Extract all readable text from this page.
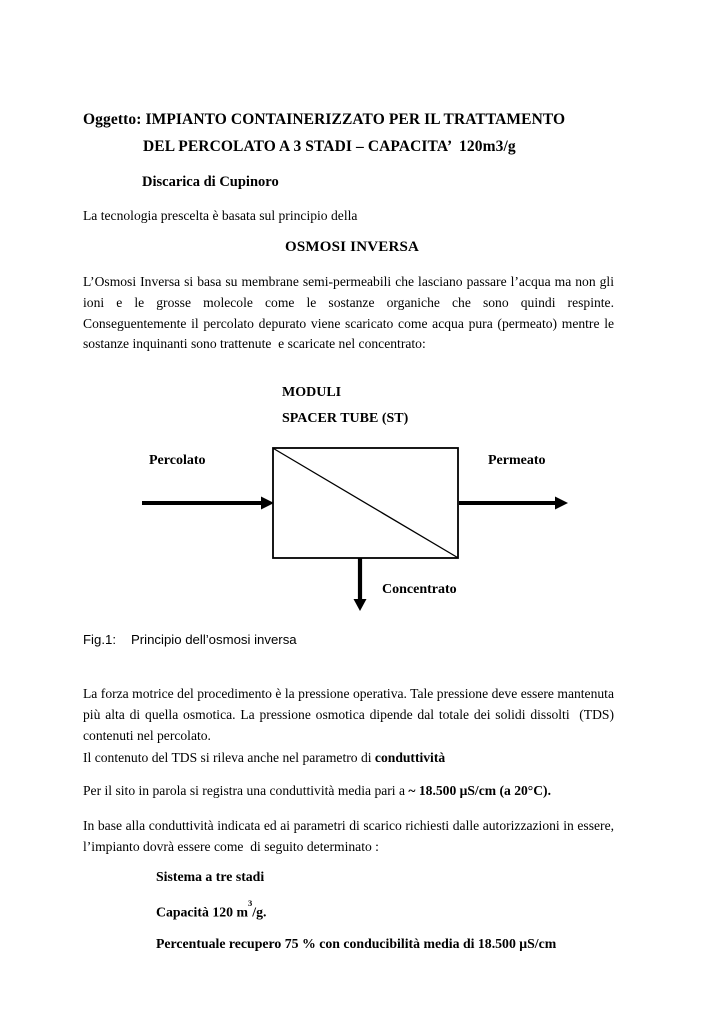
Oggetto: IMPIANTO CONTAINERIZZATO PER IL TRATTAMENTO
DEL PERCOLATO A 3 STADI – CAPACITA’  120m3/g
Discarica di Cupinoro
La tecnologia prescelta è basata sul principio della
OSMOSI INVERSA
L’Osmosi Inversa si basa su membrane semi-permeabili che lasciano passare l’acqua ma non gli ioni e le grosse molecole come le sostanze organiche che sono quindi respinte. Conseguentemente il percolato depurato viene scaricato come acqua pura (permeato) mentre le sostanze inquinanti sono trattenute  e scaricate nel concentrato:
MODULI
SPACER TUBE (ST)
Percolato	Permeato
Concentrato
Fig.1: Principio dell’osmosi inversa
La forza motrice del procedimento è la pressione operativa. Tale pressione deve essere mantenuta più alta di quella osmotica. La pressione osmotica dipende dal totale dei solidi dissolti  (TDS) contenuti nel percolato.
Il contenuto del TDS si rileva anche nel parametro di conduttività
Per il sito in parola si registra una conduttività media pari a ~ 18.500 μS/cm (a 20°C).
In base alla conduttività indicata ed ai parametri di scarico richiesti dalle autorizzazioni in essere, l’impianto dovrà essere come  di seguito determinato :
Sistema a tre stadi
Capacità 120 $m^3/g$.
Percentuale recupero 75 % con conducibilità media di 18.500 μS/cm
